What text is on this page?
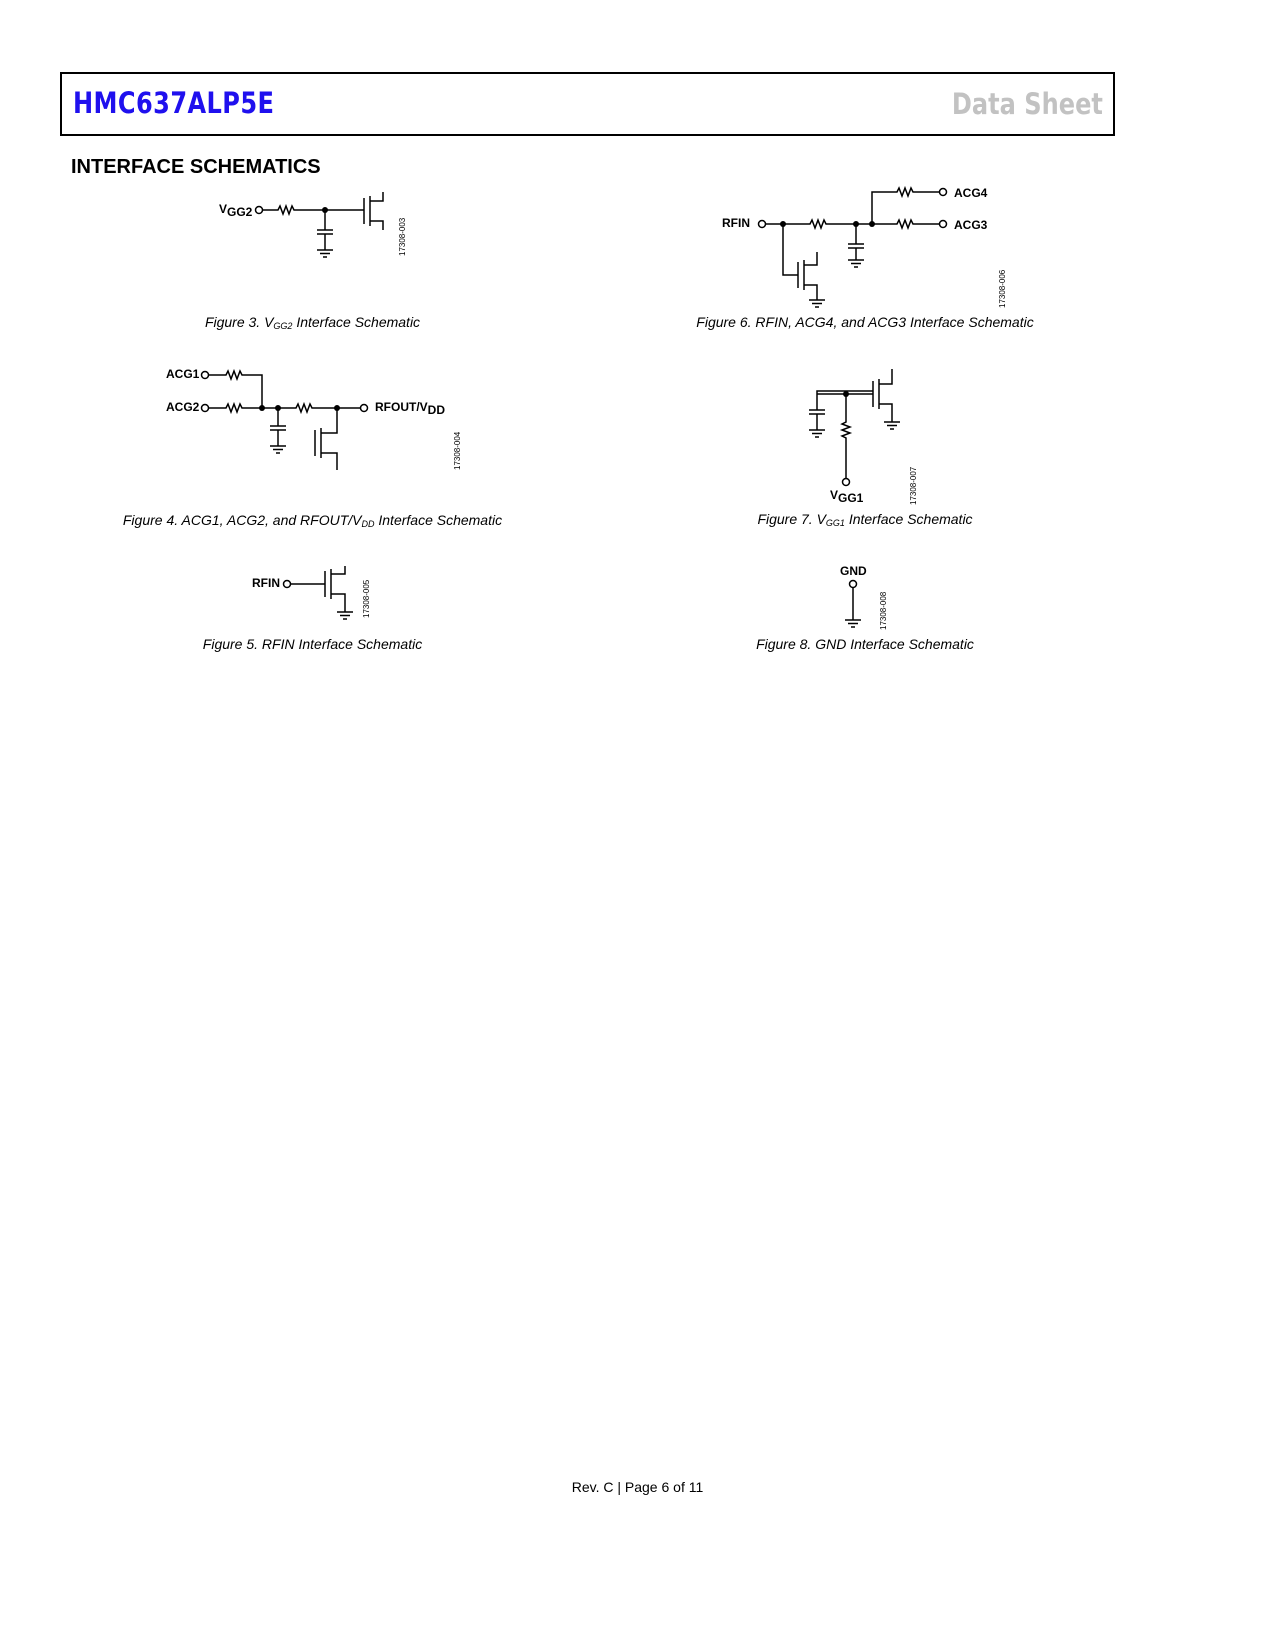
HMC637ALP5E	Data Sheet
INTERFACE SCHEMATICS
VGG2
17308-003
Figure 3. $V_{GG2}$ Interface Schematic
ACG1
ACG2	RFOUT/VDD
17308-004
Figure 4. ACG1, ACG2, and RFOUT/$V_{DD}$ Interface Schematic
RFIN	17308-005
Figure 5. RFIN Interface Schematic
RFIN
ACG4
ACG3
17308-006
Figure 6. RFIN, ACG4, and ACG3 Interface Schematic
VGG1	17308-007
Figure 7. $V_{GG1}$ Interface Schematic
GND
17308-008
Figure 8. GND Interface Schematic
Rev. C | Page 6 of 11
